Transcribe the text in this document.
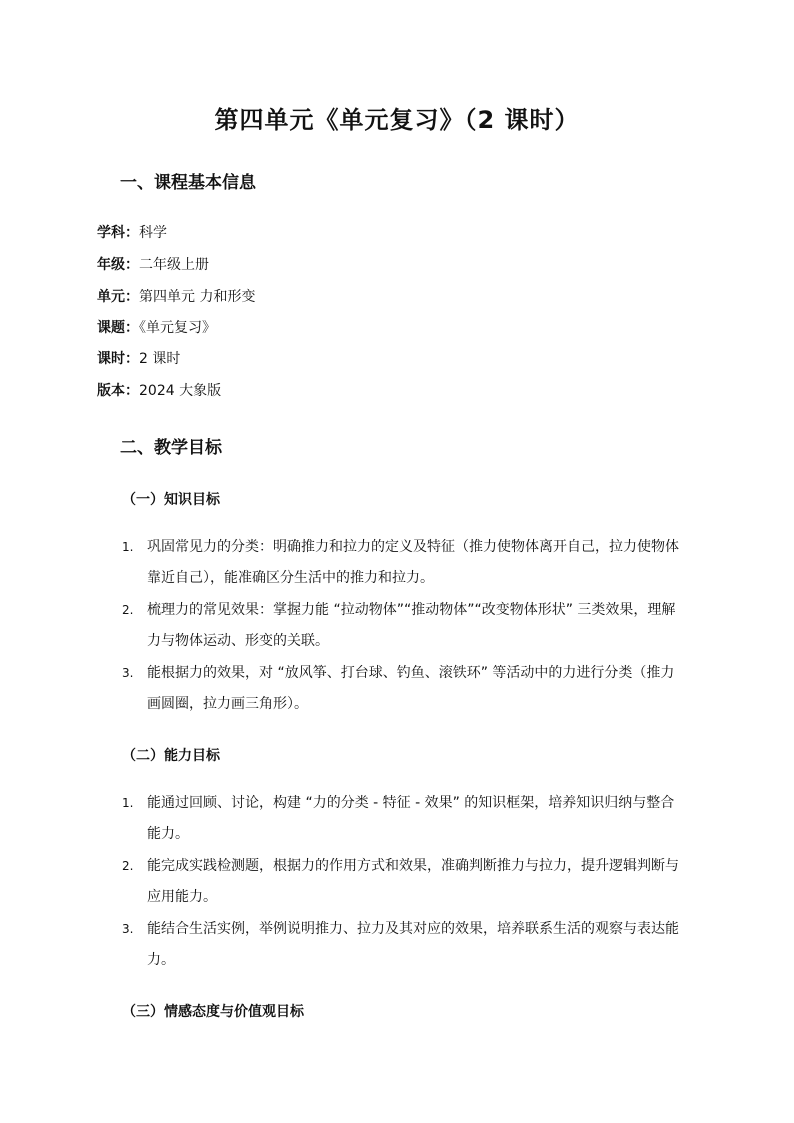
第四单元《单元复习》（2 课时）
一、课程基本信息
学科：科学
年级：二年级上册
单元：第四单元 力和形变
课题：《单元复习》
课时：2 课时
版本：2024 大象版
二、教学目标
（一）知识目标
1. 巩固常见力的分类：明确推力和拉力的定义及特征（推力使物体离开自己，拉力使物体靠近自己），能准确区分生活中的推力和拉力。
2. 梳理力的常见效果：掌握力能 “拉动物体”“推动物体”“改变物体形状” 三类效果，理解力与物体运动、形变的关联。
3. 能根据力的效果，对 “放风筝、打台球、钓鱼、滚铁环” 等活动中的力进行分类（推力画圆圈，拉力画三角形）。
（二）能力目标
1. 能通过回顾、讨论，构建 “力的分类 - 特征 - 效果” 的知识框架，培养知识归纳与整合能力。
2. 能完成实践检测题，根据力的作用方式和效果，准确判断推力与拉力，提升逻辑判断与应用能力。
3. 能结合生活实例，举例说明推力、拉力及其对应的效果，培养联系生活的观察与表达能力。
（三）情感态度与价值观目标
